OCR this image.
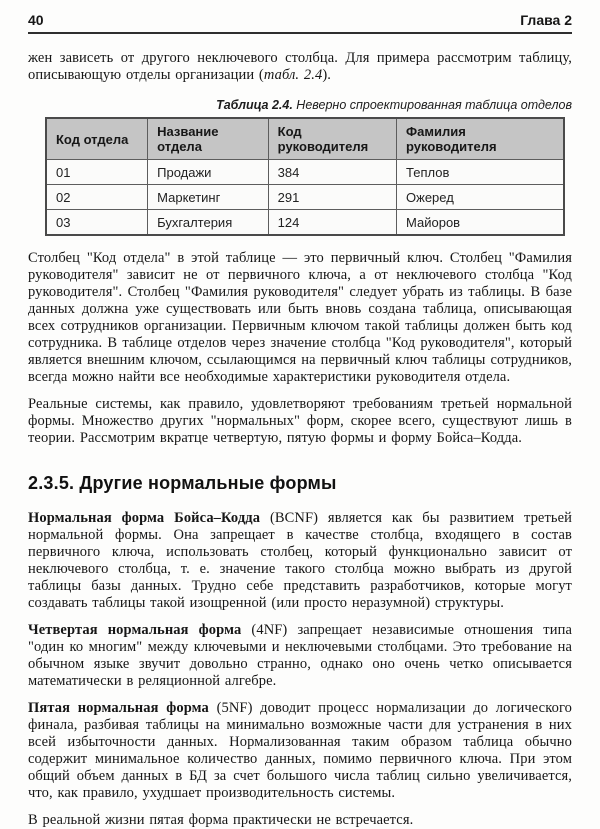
40	Глава 2

жен зависеть от другого неключевого столбца. Для примера рассмотрим таблицу, описывающую отделы организации (табл. 2.4).

Таблица 2.4. Неверно спроектированная таблица отделов
Код отдела	Название отдела	Код руководителя	Фамилия руководителя
01	Продажи	384	Теплов
02	Маркетинг	291	Ожеред
03	Бухгалтерия	124	Майоров

Столбец "Код отдела" в этой таблице — это первичный ключ. Столбец "Фамилия руководителя" зависит не от первичного ключа, а от неключевого столбца "Код руководителя". Столбец "Фамилия руководителя" следует убрать из таблицы. В базе данных должна уже существовать или быть вновь создана таблица, описывающая всех сотрудников организации. Первичным ключом такой таблицы должен быть код сотрудника. В таблице отделов через значение столбца "Код руководителя", который является внешним ключом, ссылающимся на первичный ключ таблицы сотрудников, всегда можно найти все необходимые характеристики руководителя отдела.

Реальные системы, как правило, удовлетворяют требованиям третьей нормальной формы. Множество других "нормальных" форм, скорее всего, существуют лишь в теории. Рассмотрим вкратце четвертую, пятую формы и форму Бойса–Кодда.

2.3.5. Другие нормальные формы

Нормальная форма Бойса–Кодда (BCNF) является как бы развитием третьей нормальной формы. Она запрещает в качестве столбца, входящего в состав первичного ключа, использовать столбец, который функционально зависит от неключевого столбца, т. е. значение такого столбца можно выбрать из другой таблицы базы данных. Трудно себе представить разработчиков, которые могут создавать таблицы такой изощренной (или просто неразумной) структуры.

Четвертая нормальная форма (4NF) запрещает независимые отношения типа "один ко многим" между ключевыми и неключевыми столбцами. Это требование на обычном языке звучит довольно странно, однако оно очень четко описывается математически в реляционной алгебре.

Пятая нормальная форма (5NF) доводит процесс нормализации до логического финала, разбивая таблицы на минимально возможные части для устранения в них всей избыточности данных. Нормализованная таким образом таблица обычно содержит минимальное количество данных, помимо первичного ключа. При этом общий объем данных в БД за счет большого числа таблиц сильно увеличивается, что, как правило, ухудшает производительность системы.

В реальной жизни пятая форма практически не встречается.
